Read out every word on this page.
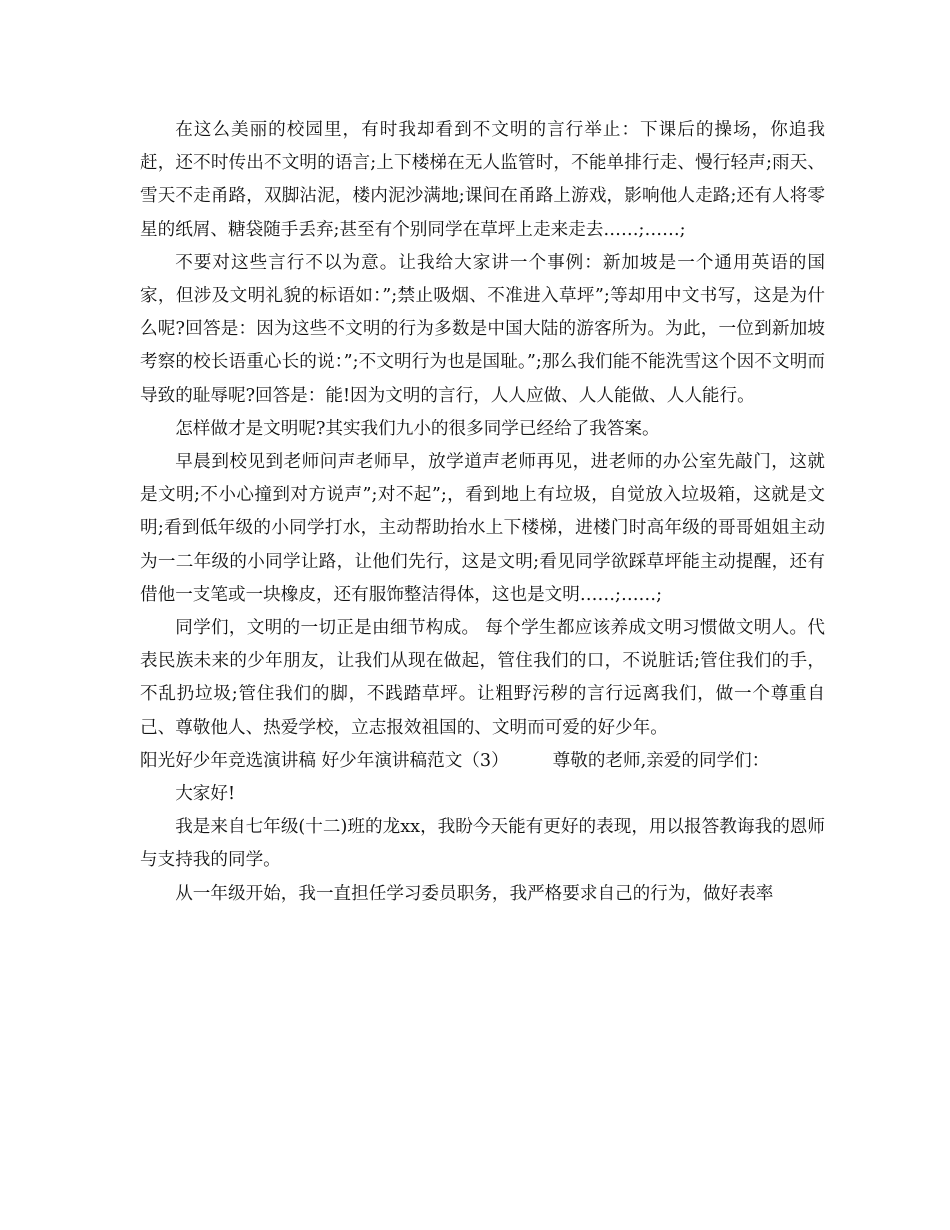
在这么美丽的校园里，有时我却看到不文明的言行举止：下课后的操场，你追我赶，还不时传出不文明的语言;上下楼梯在无人监管时，不能单排行走、慢行轻声;雨天、雪天不走甬路，双脚沾泥，楼内泥沙满地;课间在甬路上游戏，影响他人走路;还有人将零星的纸屑、糖袋随手丢弃;甚至有个别同学在草坪上走来走去……;……;

不要对这些言行不以为意。让我给大家讲一个事例：新加坡是一个通用英语的国家，但涉及文明礼貌的标语如：”;禁止吸烟、不准进入草坪”;等却用中文书写，这是为什么呢?回答是：因为这些不文明的行为多数是中国大陆的游客所为。为此，一位到新加坡考察的校长语重心长的说：”;不文明行为也是国耻。”;那么我们能不能洗雪这个因不文明而导致的耻辱呢?回答是：能!因为文明的言行，人人应做、人人能做、人人能行。

怎样做才是文明呢?其实我们九小的很多同学已经给了我答案。

早晨到校见到老师问声老师早，放学道声老师再见，进老师的办公室先敲门，这就是文明;不小心撞到对方说声”;对不起”;，看到地上有垃圾，自觉放入垃圾箱，这就是文明;看到低年级的小同学打水，主动帮助抬水上下楼梯，进楼门时高年级的哥哥姐姐主动为一二年级的小同学让路，让他们先行，这是文明;看见同学欲踩草坪能主动提醒，还有借他一支笔或一块橡皮，还有服饰整洁得体，这也是文明……;……;

同学们，文明的一切正是由细节构成。 每个学生都应该养成文明习惯做文明人。代表民族未来的少年朋友，让我们从现在做起，管住我们的口，不说脏话;管住我们的手，不乱扔垃圾;管住我们的脚，不践踏草坪。让粗野污秽的言行远离我们，做一个尊重自己、尊敬他人、热爱学校，立志报效祖国的、文明而可爱的好少年。

阳光好少年竞选演讲稿 好少年演讲稿范文（3）　　　尊敬的老师,亲爱的同学们：

大家好!

我是来自七年级(十二)班的龙xx，我盼今天能有更好的表现，用以报答教诲我的恩师与支持我的同学。

从一年级开始，我一直担任学习委员职务，我严格要求自己的行为，做好表率
